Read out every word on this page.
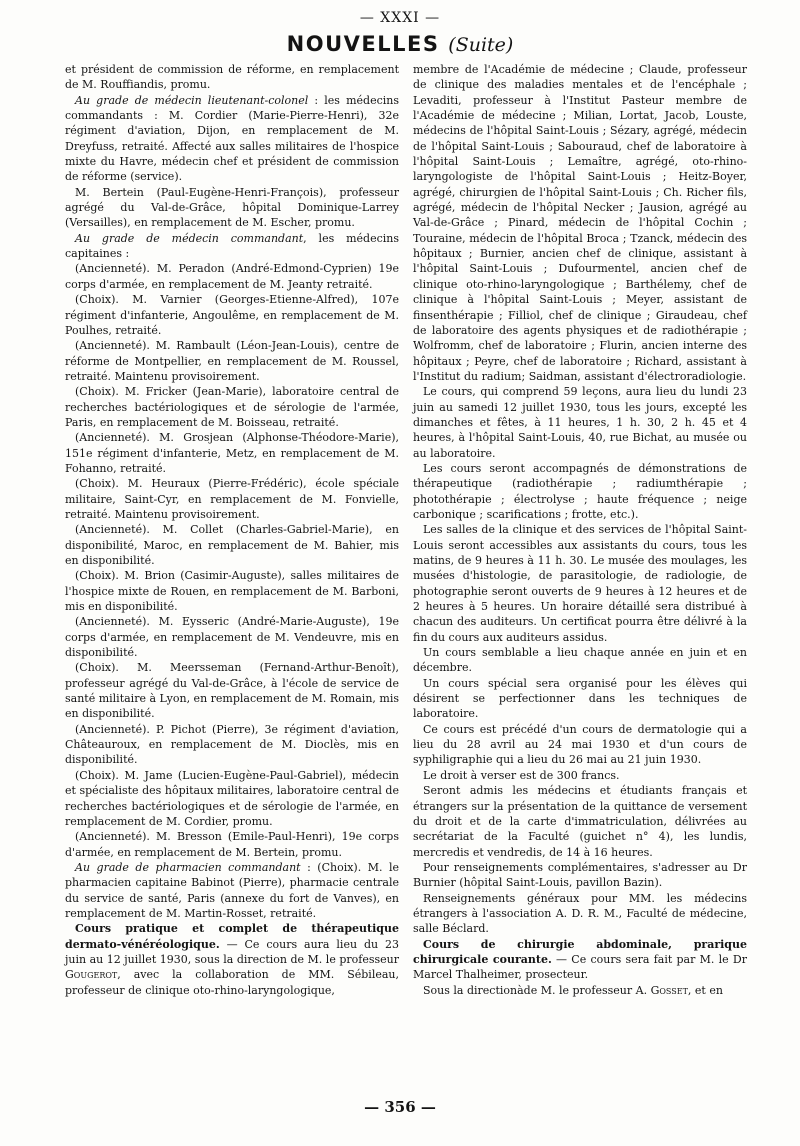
— XXXI —
NOUVELLES (Suite)

et président de commission de réforme, en remplacement de M. Rouffiandis, promu.

Au grade de médecin lieutenant-colonel : les médecins commandants : M. Cordier (Marie-Pierre-Henri), 32e régiment d'aviation, Dijon, en remplacement de M. Dreyfuss, retraité. Affecté aux salles militaires de l'hospice mixte du Havre, médecin chef et président de commission de réforme (service).

M. Bertein (Paul-Eugène-Henri-François), professeur agrégé du Val-de-Grâce, hôpital Dominique-Larrey (Versailles), en remplacement de M. Escher, promu.

Au grade de médecin commandant, les médecins capitaines :

(Ancienneté). M. Peradon (André-Edmond-Cyprien) 19e corps d'armée, en remplacement de M. Jeanty retraité.

(Choix). M. Varnier (Georges-Etienne-Alfred), 107e régiment d'infanterie, Angoulême, en remplacement de M. Poulhes, retraité.

(Ancienneté). M. Rambault (Léon-Jean-Louis), centre de réforme de Montpellier, en remplacement de M. Roussel, retraité. Maintenu provisoirement.

(Choix). M. Fricker (Jean-Marie), laboratoire central de recherches bactériologiques et de sérologie de l'armée, Paris, en remplacement de M. Boisseau, retraité.

(Ancienneté). M. Grosjean (Alphonse-Théodore-Marie), 151e régiment d'infanterie, Metz, en remplacement de M. Fohanno, retraité.

(Choix). M. Heuraux (Pierre-Frédéric), école spéciale militaire, Saint-Cyr, en remplacement de M. Fonvielle, retraité. Maintenu provisoirement.

(Ancienneté). M. Collet (Charles-Gabriel-Marie), en disponibilité, Maroc, en remplacement de M. Bahier, mis en disponibilité.

(Choix). M. Brion (Casimir-Auguste), salles militaires de l'hospice mixte de Rouen, en remplacement de M. Barboni, mis en disponibilité.

(Ancienneté). M. Eysseric (André-Marie-Auguste), 19e corps d'armée, en remplacement de M. Vendeuvre, mis en disponibilité.

(Choix). M. Meersseman (Fernand-Arthur-Benoît), professeur agrégé du Val-de-Grâce, à l'école de service de santé militaire à Lyon, en remplacement de M. Romain, mis en disponibilité.

(Ancienneté). P. Pichot (Pierre), 3e régiment d'aviation, Châteauroux, en remplacement de M. Dioclès, mis en disponibilité.

(Choix). M. Jame (Lucien-Eugène-Paul-Gabriel), médecin et spécialiste des hôpitaux militaires, laboratoire central de recherches bactériologiques et de sérologie de l'armée, en remplacement de M. Cordier, promu.

(Ancienneté). M. Bresson (Emile-Paul-Henri), 19e corps d'armée, en remplacement de M. Bertein, promu.

Au grade de pharmacien commandant : (Choix). M. le pharmacien capitaine Babinot (Pierre), pharmacie centrale du service de santé, Paris (annexe du fort de Vanves), en remplacement de M. Martin-Rosset, retraité.

Cours pratique et complet de thérapeutique dermato-vénéréologique. — Ce cours aura lieu du 23 juin au 12 juillet 1930, sous la direction de M. le professeur Gougerot, avec la collaboration de MM. Sébileau, professeur de clinique oto-rhino-laryngologique,

membre de l'Académie de médecine ; Claude, professeur de clinique des maladies mentales et de l'encéphale ; Levaditi, professeur à l'Institut Pasteur membre de l'Académie de médecine ; Milian, Lortat, Jacob, Louste, médecins de l'hôpital Saint-Louis ; Sézary, agrégé, médecin de l'hôpital Saint-Louis ; Sabouraud, chef de laboratoire à l'hôpital Saint-Louis ; Lemaître, agrégé, oto-rhino-laryngologiste de l'hôpital Saint-Louis ; Heitz-Boyer, agrégé, chirurgien de l'hôpital Saint-Louis ; Ch. Richer fils, agrégé, médecin de l'hôpital Necker ; Jausion, agrégé au Val-de-Grâce ; Pinard, médecin de l'hôpital Cochin ; Touraine, médecin de l'hôpital Broca ; Tzanck, médecin des hôpitaux ; Burnier, ancien chef de clinique, assistant à l'hôpital Saint-Louis ; Dufourmentel, ancien chef de clinique oto-rhino-laryngologique ; Barthélemy, chef de clinique à l'hôpital Saint-Louis ; Meyer, assistant de finsenthérapie ; Filliol, chef de clinique ; Giraudeau, chef de laboratoire des agents physiques et de radiothérapie ; Wolfromm, chef de laboratoire ; Flurin, ancien interne des hôpitaux ; Peyre, chef de laboratoire ; Richard, assistant à l'Institut du radium; Saidman, assistant d'électroradiologie.

Le cours, qui comprend 59 leçons, aura lieu du lundi 23 juin au samedi 12 juillet 1930, tous les jours, excepté les dimanches et fêtes, à 11 heures, 1 h. 30, 2 h. 45 et 4 heures, à l'hôpital Saint-Louis, 40, rue Bichat, au musée ou au laboratoire.

Les cours seront accompagnés de démonstrations de thérapeutique (radiothérapie ; radiumthérapie ; photothérapie ; électrolyse ; haute fréquence ; neige carbonique ; scarifications ; frotte, etc.).

Les salles de la clinique et des services de l'hôpital Saint-Louis seront accessibles aux assistants du cours, tous les matins, de 9 heures à 11 h. 30. Le musée des moulages, les musées d'histologie, de parasitologie, de radiologie, de photographie seront ouverts de 9 heures à 12 heures et de 2 heures à 5 heures. Un horaire détaillé sera distribué à chacun des auditeurs. Un certificat pourra être délivré à la fin du cours aux auditeurs assidus.

Un cours semblable a lieu chaque année en juin et en décembre.

Un cours spécial sera organisé pour les élèves qui désirent se perfectionner dans les techniques de laboratoire.

Ce cours est précédé d'un cours de dermatologie qui a lieu du 28 avril au 24 mai 1930 et d'un cours de syphiligraphie qui a lieu du 26 mai au 21 juin 1930.

Le droit à verser est de 300 francs.

Seront admis les médecins et étudiants français et étrangers sur la présentation de la quittance de versement du droit et de la carte d'immatriculation, délivrées au secrétariat de la Faculté (guichet n° 4), les lundis, mercredis et vendredis, de 14 à 16 heures.

Pour renseignements complémentaires, s'adresser au Dr Burnier (hôpital Saint-Louis, pavillon Bazin).

Renseignements généraux pour MM. les médecins étrangers à l'association A. D. R. M., Faculté de médecine, salle Béclard.

Cours de chirurgie abdominale, prarique chirurgicale courante. — Ce cours sera fait par M. le Dr Marcel Thalheimer, prosecteur.

Sous la directionàde M. le professeur A. Gosset, et en

— 356 —
